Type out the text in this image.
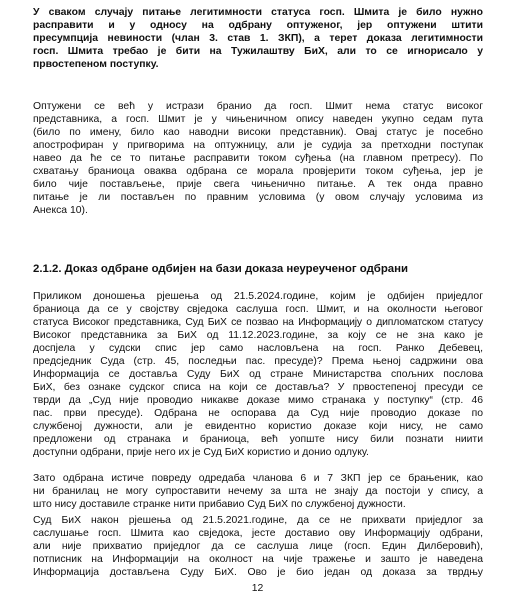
У свакoм случају питање легитимности статуса госп. Шмита је било нужно
расправити и у односу на одбрану оптуженог, јер оптужени штити
пресумпција невиности (члан 3. став 1. ЗКП), а терет доказа легитимности
госп. Шмита требао је бити на Тужилаштву БиХ, али то се игнорисало у
првостепеном поступку.

Оптужени се већ у истрази бранио да госп. Шмит нема статус високог
представника, а госп. Шмит је у чињеничном опису наведен укупно седам пута
(било по имену, било као наводни високи представник). Овај статус је посебно
апострофиран у пригворима на оптужницу, али је судија за претходни поступак
навео да ће се то питање расправити током суђења (на главном претресу). По
схватању браниоца оваква одбрана се морала провјерити током суђења, јер је
било чије постављење, прије свега чињенично питање. А тек онда правно
питање је ли постављен по правним условима (у овом случају условима из
Анекса 10).

2.1.2. Доказ одбране одбијен на бази доказа неуреученог одбрани

Приликом доношења рјешења од 21.5.2024.године, којим је одбијен приједлог
браниоца да се у својству свједока саслуша госп. Шмит, и на околности његовог
статуса Високог представника, Суд БиХ се позвао на Информацију о дипломатском статусу
Високог представника за БиХ од 11.12.2023.године, за коју се не зна како је
доспјела у судски спис јер само насловљена на госп. Ранко Дебевец,
предсједник Суда (стр. 45, последњи пас. пресуде)? Према њеној садржини ова
Информација се доставља Суду БиХ од стране Министарства спољних послова
БиХ, без ознаке судског списа на који се доставља? У првостепеној пресуди се
тврди да „Суд није проводио никакве доказе мимо странака у поступку“ (стр. 46
пас. први пресуде). Одбрана не оспорава да Суд није проводио доказе по
службеној дужности, али је евидентно користио доказе који нису, не само
предложени од странака и браниоца, већ уопште нису били познати ниити
доступни одбрани, прије него их је Суд БиХ користио и донио одлуку.

Зато одбрана истиче повреду одредаба чланова 6 и 7 ЗКП јер се брањеник, као
ни бранилац не могу супроставити нечему за шта не знају да постоји у спису, а
што нису доставиле странке нити прибавио Суд БиХ по службеној дужности.

Суд БиХ након рјешења од 21.5.2021.године, да се не прихвати приједлог за
саслушање госп. Шмита као свједока, јесте доставио ову Информацију одбрани,
али није прихватио приједлог да се саслуша лице (госп. Един Дилберовић),
потписник на Информацији на околност на чије тражење и зашто је наведена
Информација достављена Суду БиХ. Ово је био један од доказа за тврдњу

12
